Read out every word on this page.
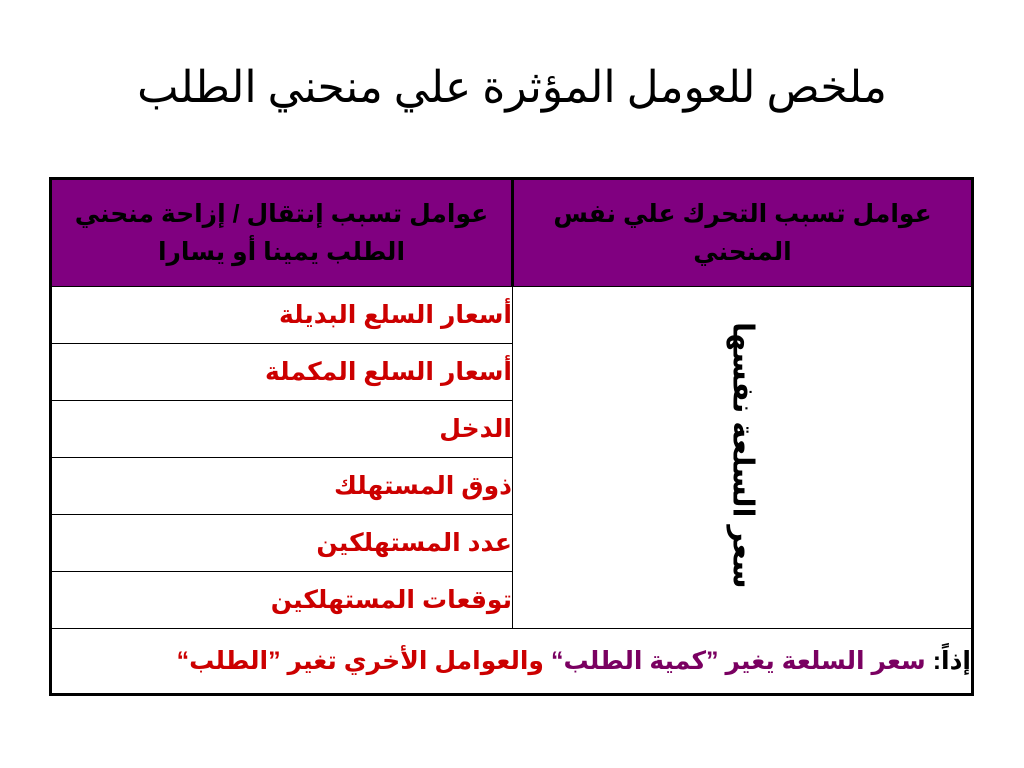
ملخص للعومل المؤثرة علي منحني الطلب
عوامل تسبب التحرك علي نفس المنحني	عوامل تسبب إنتقال / إزاحة منحني الطلب يمينا أو يسارا
سعر السلعة نفسها	أسعار السلع البديلة
	أسعار السلع المكملة
	الدخل
	ذوق المستهلك
	عدد المستهلكين
	توقعات المستهلكين
إذاً: سعر السلعة يغير ”كمية الطلب“ والعوامل الأخري تغير ”الطلب“	
